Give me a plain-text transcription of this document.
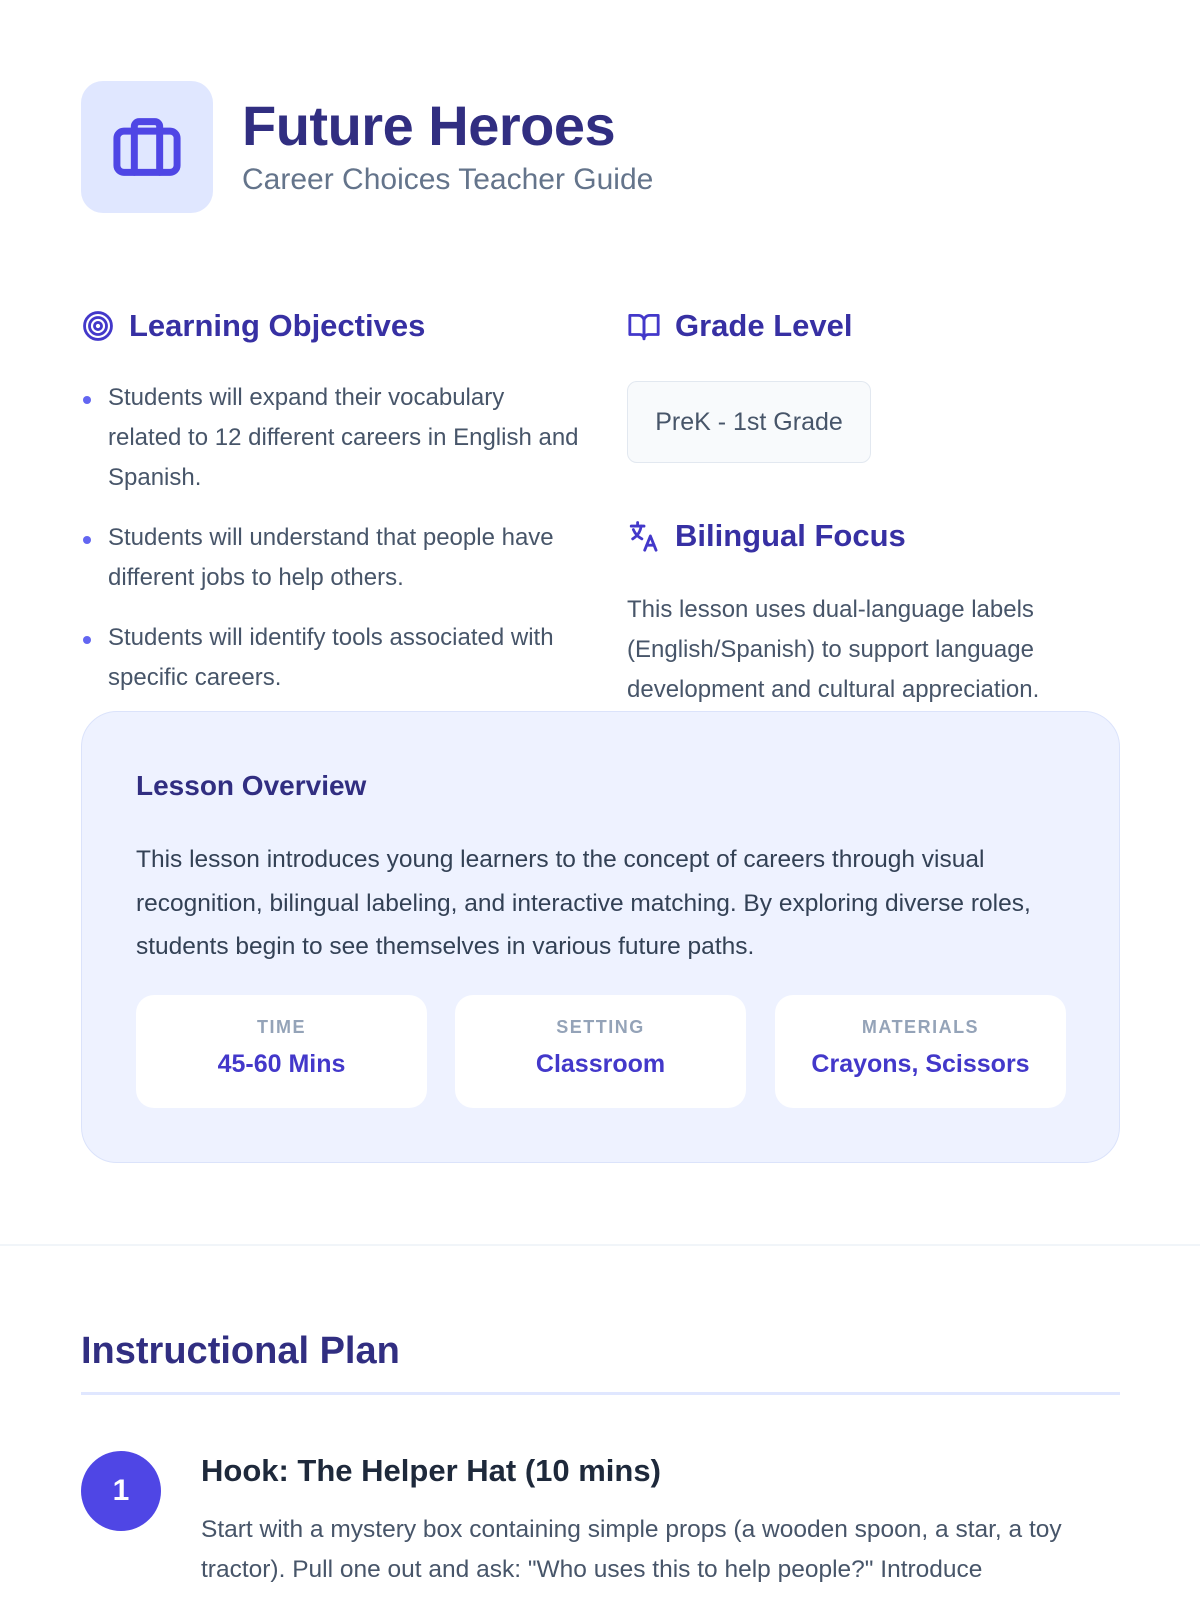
Future Heroes
Career Choices Teacher Guide
Learning Objectives
Students will expand their vocabulary related to 12 different careers in English and Spanish.
Students will understand that people have different jobs to help others.
Students will identify tools associated with specific careers.
Grade Level
PreK - 1st Grade
Bilingual Focus
This lesson uses dual-language labels (English/Spanish) to support language development and cultural appreciation.
Lesson Overview
This lesson introduces young learners to the concept of careers through visual recognition, bilingual labeling, and interactive matching. By exploring diverse roles, students begin to see themselves in various future paths.
TIME
45-60 Mins
SETTING
Classroom
MATERIALS
Crayons, Scissors
Instructional Plan
1
Hook: The Helper Hat (10 mins)
Start with a mystery box containing simple props (a wooden spoon, a star, a toy tractor). Pull one out and ask: "Who uses this to help people?" Introduce
